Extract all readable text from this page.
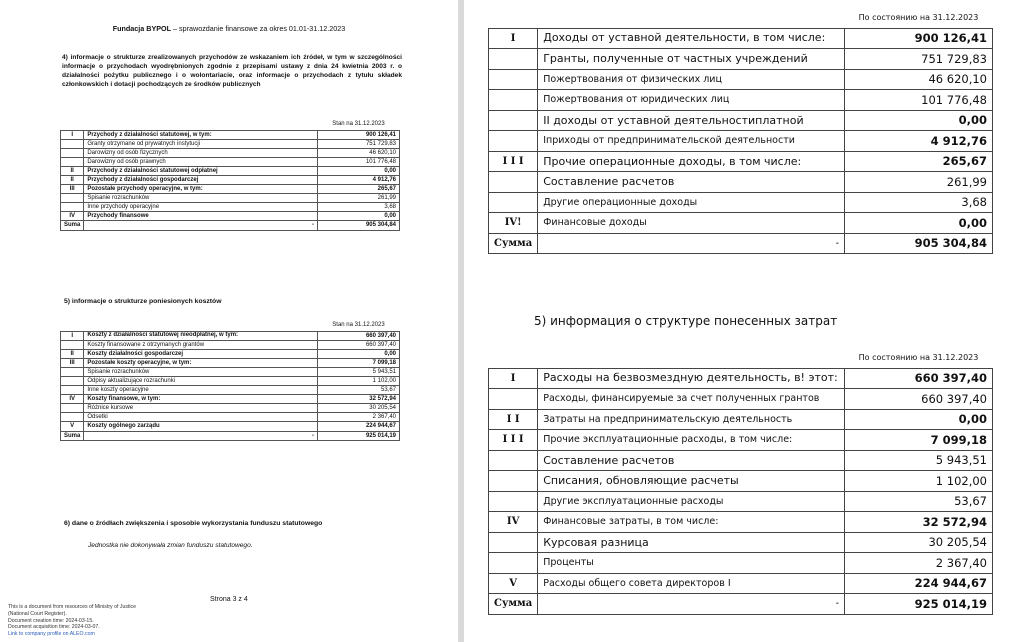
Fundacja BYPOL – sprawozdanie finansowe za okres 01.01-31.12.2023
4) informacje o strukturze zrealizowanych przychodów ze wskazaniem ich źródeł, w tym w szczególności informacje o przychodach wyodrębnionych zgodnie z przepisami ustawy z dnia 24 kwietnia 2003 r. o działalności pożytku publicznego i o wolontariacie, oraz informacje o przychodach z tytułu składek członkowskich i dotacji pochodzących ze środków publicznych
		Stan na 31.12.2023
I	Przychody z działalności statutowej, w tym:	900 126,41
	Granty otrzymane od prywatnych instytucji	751 729,83
	Darowizny od osób fizycznych	46 620,10
	Darowizny od osób prawnych	101 776,48
II	Przychody z działalności statutowej odpłatnej	0,00
II	Przychody z działalności gospodarczej	4 912,76
III	Pozostałe przychody operacyjne, w tym:	265,67
	Spisanie rozrachunków	261,99
	Inne przychody operacyjne	3,68
IV	Przychody finansowe	0,00
Suma	-	905 304,84
5) informacje o strukturze poniesionych kosztów
		Stan na 31.12.2023
I	Koszty z działalności statutowej nieodpłatnej, w tym:	660 397,40
	Koszty finansowane z otrzymanych grantów	660 397,40
II	Koszty działalności gospodarczej	0,00
III	Pozostałe koszty operacyjne, w tym:	7 099,18
	Spisanie rozrachunków	5 943,51
	Odpisy aktualizujące rozrachunki	1 102,00
	Inne koszty operacyjne	53,67
IV	Koszty finansowe, w tym:	32 572,94
	Różnice kursowe	30 205,54
	Odsetki	2 367,40
V	Koszty ogólnego zarządu	224 944,67
Suma	-	925 014,19
6) dane o źródłach zwiększenia i sposobie wykorzystania funduszu statutowego
Jednostka nie dokonywała zmian funduszu statutowego.
Strona 3 z 4
This is a document from resources of Ministry of Justice
(National Court Register).
Document creation time: 2024-03-15.
Document acquisition time: 2024-03-07.
Link to company profile on ALEO.com
		По состоянию на 31.12.2023
I	Доходы от уставной деятельности, в том числе:	900 126,41
	Гранты, полученные от частных учреждений	751 729,83
	Пожертвования от физических лиц	46 620,10
	Пожертвования от юридических лиц	101 776,48
	II доходы от уставной деятельностиплатной	0,00
	Iприходы от предпринимательской деятельности	4 912,76
I I I	Прочие операционные доходы, в том числе:	265,67
	Составление расчетов	261,99
	Другие операционные доходы	3,68
IV!	Финансовые доходы	0,00
Сумма	-	905 304,84
5) информация о структуре понесенных затрат
		По состоянию на 31.12.2023
I	Расходы на безвозмездную деятельность, в! этот:	660 397,40
	Расходы, финансируемые за счет полученных грантов	660 397,40
I I	Затраты на предпринимательскую деятельность	0,00
I I I	Прочие эксплуатационные расходы, в том числе:	7 099,18
	Составление расчетов	5 943,51
	Списания, обновляющие расчеты	1 102,00
	Другие эксплуатационные расходы	53,67
IV	Финансовые затраты, в том числе:	32 572,94
	Курсовая разница	30 205,54
	Проценты	2 367,40
V	Расходы общего совета директоров I	224 944,67
Сумма	-	925 014,19
